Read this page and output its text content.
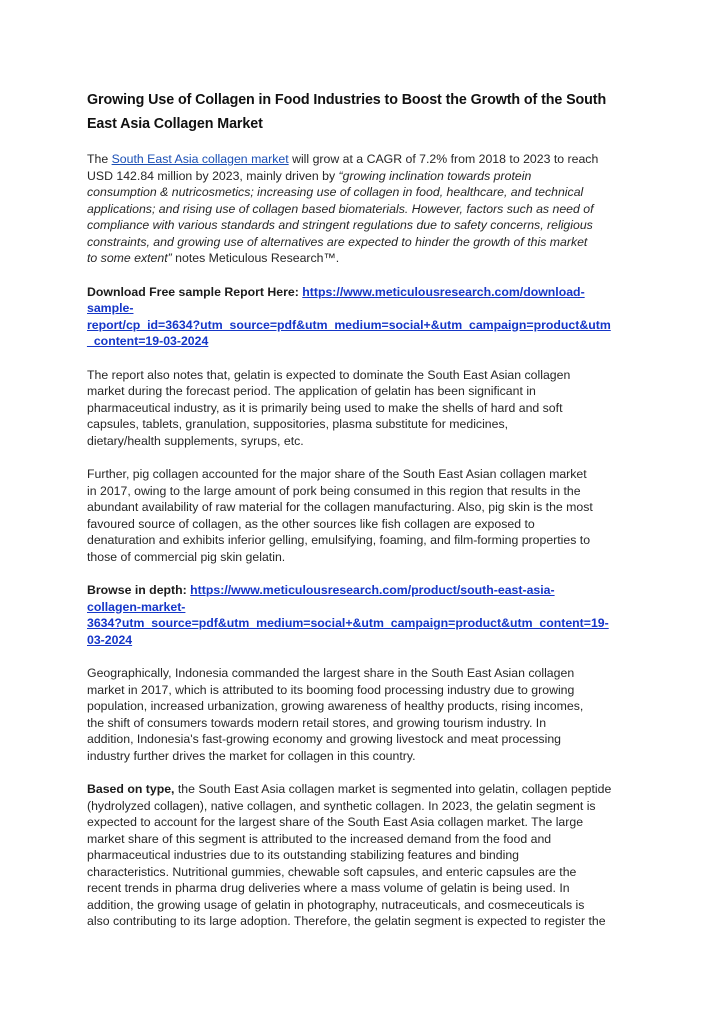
Growing Use of Collagen in Food Industries to Boost the Growth of the South
East Asia Collagen Market

The South East Asia collagen market will grow at a CAGR of 7.2% from 2018 to 2023 to reach
USD 142.84 million by 2023, mainly driven by “growing inclination towards protein
consumption & nutricosmetics; increasing use of collagen in food, healthcare, and technical
applications; and rising use of collagen based biomaterials. However, factors such as need of
compliance with various standards and stringent regulations due to safety concerns, religious
constraints, and growing use of alternatives are expected to hinder the growth of this market
to some extent” notes Meticulous Research™.

Download Free sample Report Here: https://www.meticulousresearch.com/download-
sample-
report/cp_id=3634?utm_source=pdf&utm_medium=social+&utm_campaign=product&utm
_content=19-03-2024

The report also notes that, gelatin is expected to dominate the South East Asian collagen
market during the forecast period. The application of gelatin has been significant in
pharmaceutical industry, as it is primarily being used to make the shells of hard and soft
capsules, tablets, granulation, suppositories, plasma substitute for medicines,
dietary/health supplements, syrups, etc.

Further, pig collagen accounted for the major share of the South East Asian collagen market
in 2017, owing to the large amount of pork being consumed in this region that results in the
abundant availability of raw material for the collagen manufacturing. Also, pig skin is the most
favoured source of collagen, as the other sources like fish collagen are exposed to
denaturation and exhibits inferior gelling, emulsifying, foaming, and film-forming properties to
those of commercial pig skin gelatin.

Browse in depth: https://www.meticulousresearch.com/product/south-east-asia-
collagen-market-
3634?utm_source=pdf&utm_medium=social+&utm_campaign=product&utm_content=19-
03-2024

Geographically, Indonesia commanded the largest share in the South East Asian collagen
market in 2017, which is attributed to its booming food processing industry due to growing
population, increased urbanization, growing awareness of healthy products, rising incomes,
the shift of consumers towards modern retail stores, and growing tourism industry. In
addition, Indonesia's fast-growing economy and growing livestock and meat processing
industry further drives the market for collagen in this country.

Based on type, the South East Asia collagen market is segmented into gelatin, collagen peptide
(hydrolyzed collagen), native collagen, and synthetic collagen. In 2023, the gelatin segment is
expected to account for the largest share of the South East Asia collagen market. The large
market share of this segment is attributed to the increased demand from the food and
pharmaceutical industries due to its outstanding stabilizing features and binding
characteristics. Nutritional gummies, chewable soft capsules, and enteric capsules are the
recent trends in pharma drug deliveries where a mass volume of gelatin is being used. In
addition, the growing usage of gelatin in photography, nutraceuticals, and cosmeceuticals is
also contributing to its large adoption. Therefore, the gelatin segment is expected to register the
